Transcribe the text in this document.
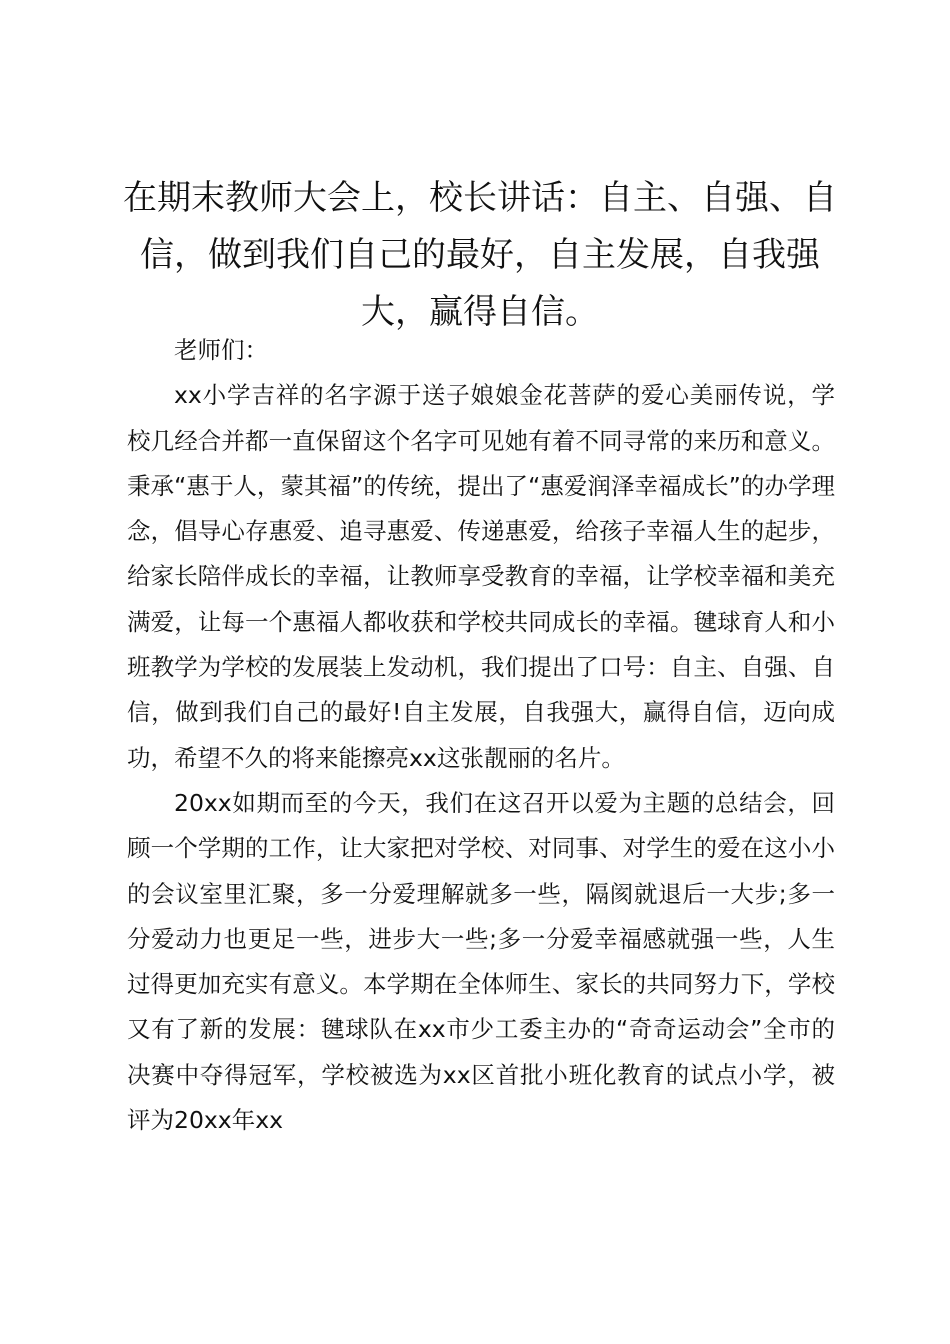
在期末教师大会上，校长讲话：自主、自强、自信，做到我们自己的最好，自主发展，自我强大，赢得自信。

老师们：

xx小学吉祥的名字源于送子娘娘金花菩萨的爱心美丽传说，学校几经合并都一直保留这个名字可见她有着不同寻常的来历和意义。秉承“惠于人，蒙其福”的传统，提出了“惠爱润泽幸福成长”的办学理念，倡导心存惠爱、追寻惠爱、传递惠爱，给孩子幸福人生的起步，给家长陪伴成长的幸福，让教师享受教育的幸福，让学校幸福和美充满爱，让每一个惠福人都收获和学校共同成长的幸福。毽球育人和小班教学为学校的发展装上发动机，我们提出了口号：自主、自强、自信，做到我们自己的最好!自主发展，自我强大，赢得自信，迈向成功，希望不久的将来能擦亮xx这张靓丽的名片。

20xx如期而至的今天，我们在这召开以爱为主题的总结会，回顾一个学期的工作，让大家把对学校、对同事、对学生的爱在这小小的会议室里汇聚，多一分爱理解就多一些，隔阂就退后一大步;多一分爱动力也更足一些，进步大一些;多一分爱幸福感就强一些，人生过得更加充实有意义。本学期在全体师生、家长的共同努力下，学校又有了新的发展：毽球队在xx市少工委主办的“奇奇运动会”全市的决赛中夺得冠军，学校被选为xx区首批小班化教育的试点小学，被评为20xx年xx
